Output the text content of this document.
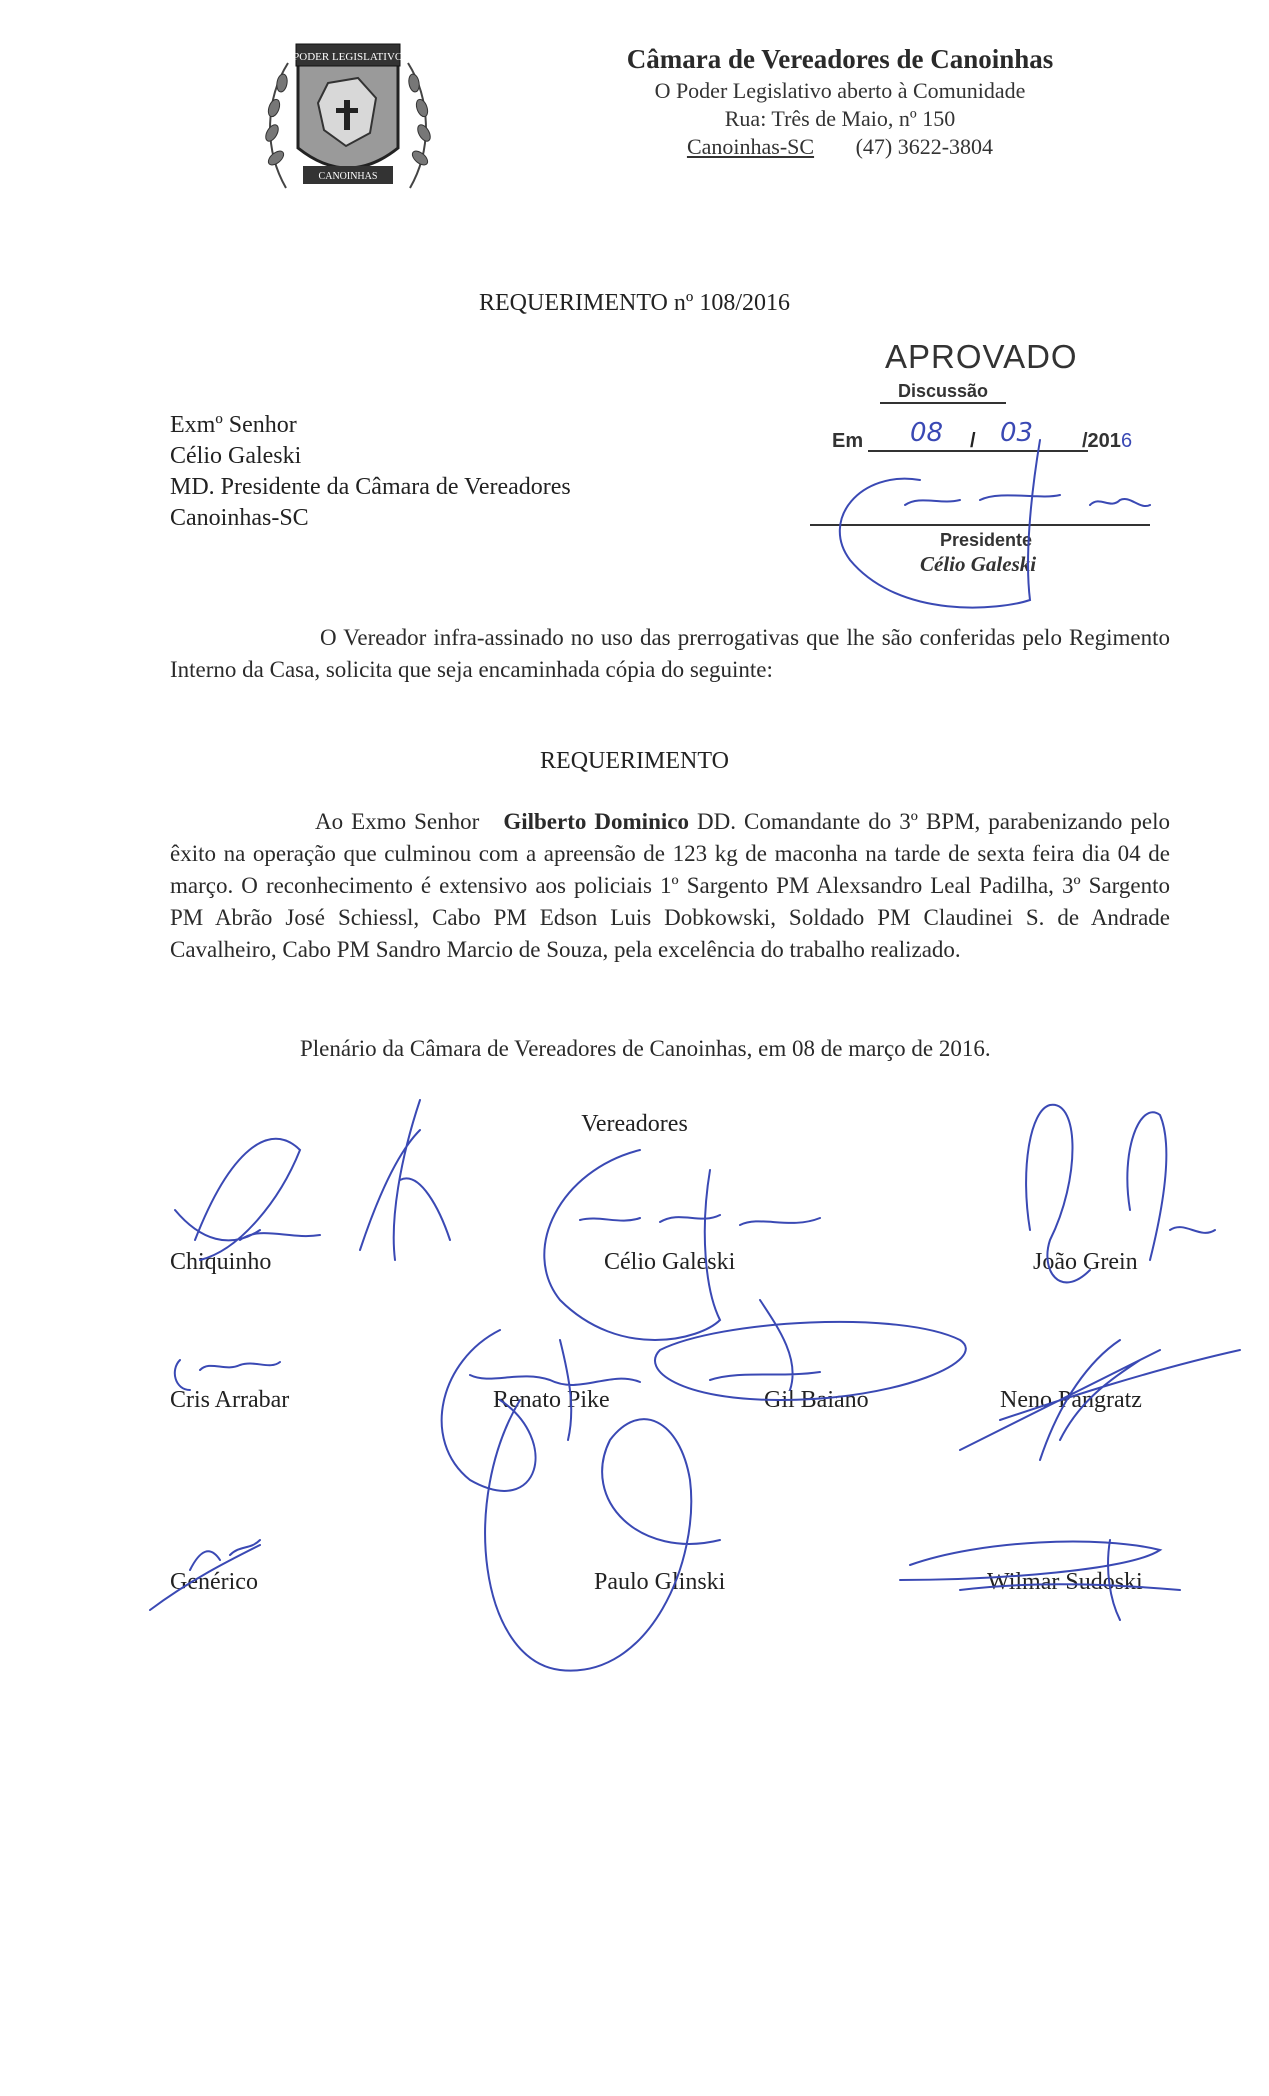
PODER LEGISLATIVO
CANOINHAS
Câmara de Vereadores de Canoinhas
O Poder Legislativo aberto à Comunidade
Rua: Três de Maio, nº 150
Canoinhas-SC (47) 3622-3804
REQUERIMENTO nº 108/2016
Exmº Senhor
Célio Galeski
MD. Presidente da Câmara de Vereadores
Canoinhas-SC
APROVADO
Discussão
Em 08 / 03 /2016
Presidente
Célio Galeski
O Vereador infra-assinado no uso das prerrogativas que lhe são conferidas pelo Regimento Interno da Casa, solicita que seja encaminhada cópia do seguinte:
REQUERIMENTO
Ao Exmo Senhor Gilberto Dominico DD. Comandante do 3º BPM, parabenizando pelo êxito na operação que culminou com a apreensão de 123 kg de maconha na tarde de sexta feira dia 04 de março. O reconhecimento é extensivo aos policiais 1º Sargento PM Alexsandro Leal Padilha, 3º Sargento PM Abrão José Schiessl, Cabo PM Edson Luis Dobkowski, Soldado PM Claudinei S. de Andrade Cavalheiro, Cabo PM Sandro Marcio de Souza, pela excelência do trabalho realizado.
Plenário da Câmara de Vereadores de Canoinhas, em 08 de março de 2016.
Vereadores
Chiquinho	Célio Galeski	João Grein
Cris Arrabar	Renato Pike	Gil Baiano	Neno Pangratz
Genérico	Paulo Glinski	Wilmar Sudoski
